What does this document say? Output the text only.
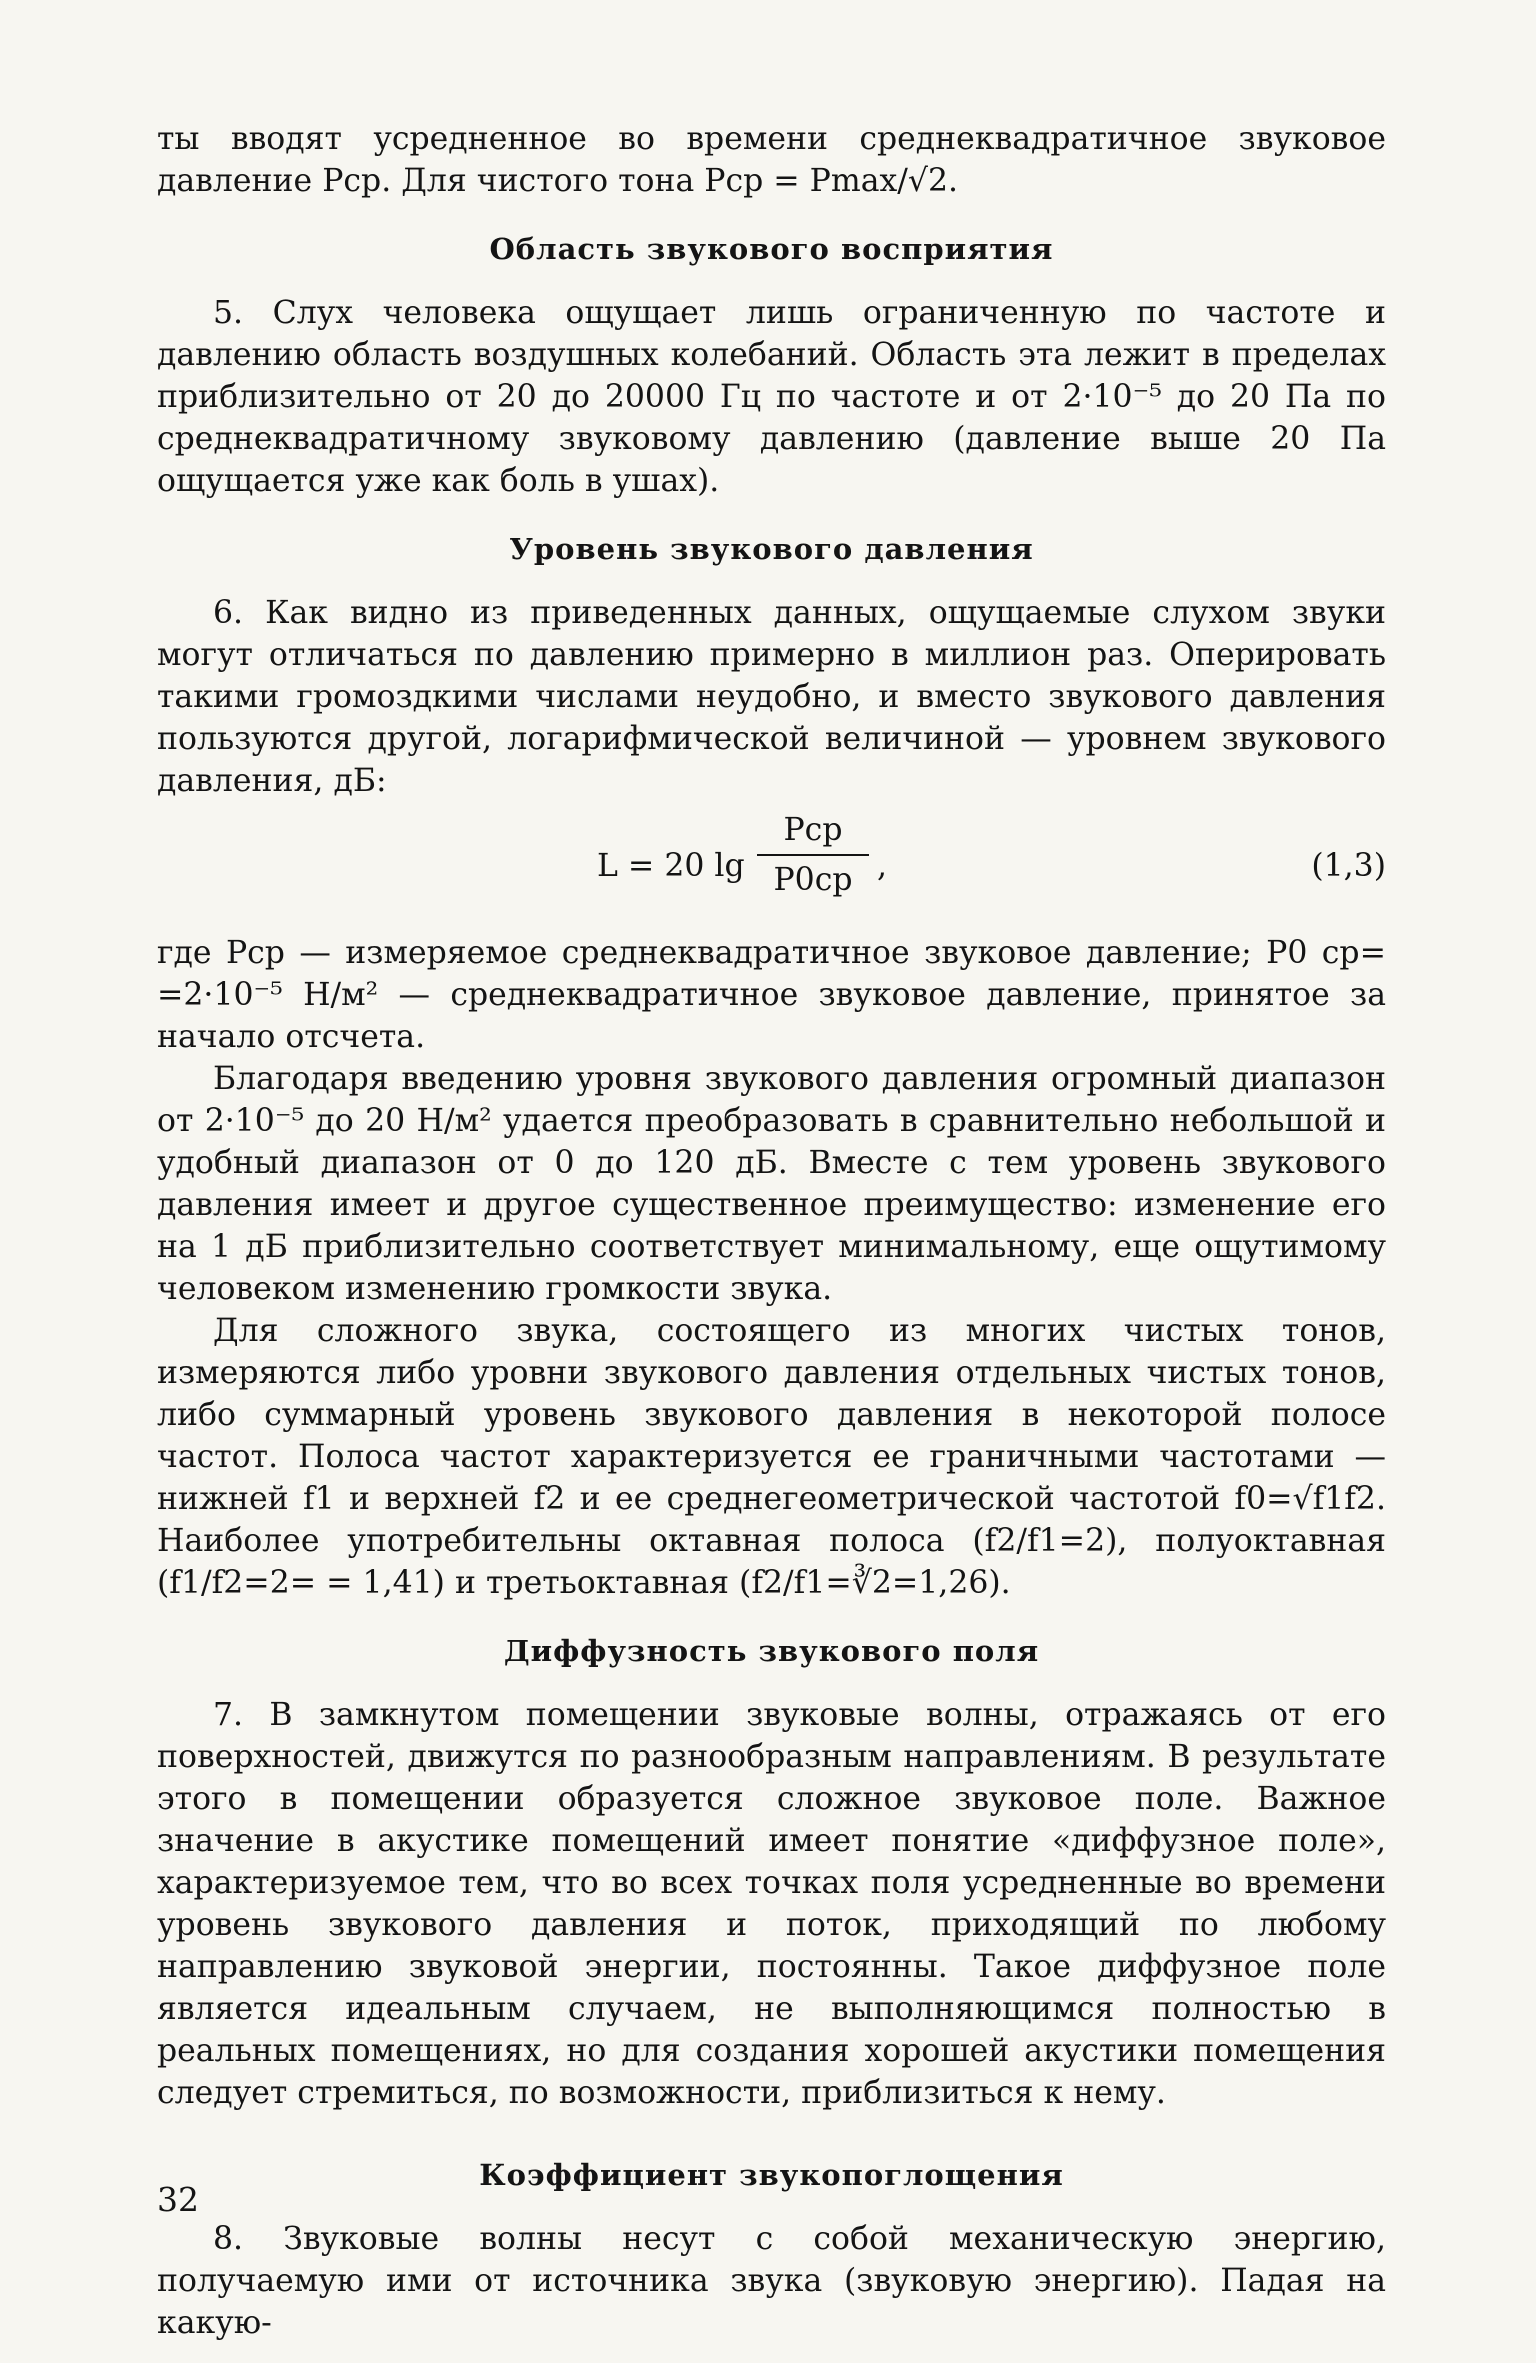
ты вводят усредненное во времени среднеквадратичное звуковое давление Pср. Для чистого тона Pср = Pmax/√2.

Область звукового восприятия

5. Слух человека ощущает лишь ограниченную по частоте и давлению область воздушных колебаний. Область эта лежит в пределах приблизительно от 20 до 20000 Гц по частоте и от 2·10⁻⁵ до 20 Па по среднеквадратичному звуковому давлению (давление выше 20 Па ощущается уже как боль в ушах).

Уровень звукового давления

6. Как видно из приведенных данных, ощущаемые слухом звуки могут отличаться по давлению примерно в миллион раз. Оперировать такими громоздкими числами неудобно, и вместо звукового давления пользуются другой, логарифмической величиной — уровнем звукового давления, дБ:

L = 20 lg
Pср
P0ср ,	(1,3)

где Pср — измеряемое среднеквадратичное звуковое давление; P0 ср= =2·10⁻⁵ Н/м² — среднеквадратичное звуковое давление, принятое за начало отсчета.

Благодаря введению уровня звукового давления огромный диапазон от 2·10⁻⁵ до 20 Н/м² удается преобразовать в сравнительно небольшой и удобный диапазон от 0 до 120 дБ. Вместе с тем уровень звукового давления имеет и другое существенное преимущество: изменение его на 1 дБ приблизительно соответствует минимальному, еще ощутимому человеком изменению громкости звука.

Для сложного звука, состоящего из многих чистых тонов, измеряются либо уровни звукового давления отдельных чистых тонов, либо суммарный уровень звукового давления в некоторой полосе частот. Полоса частот характеризуется ее граничными частотами — нижней f1 и верхней f2 и ее среднегеометрической частотой f0=√f1f2. Наиболее употребительны октавная полоса (f2/f1=2), полуоктавная (f1/f2=2= = 1,41) и третьоктавная (f2/f1=∛2=1,26).

Диффузность звукового поля

7. В замкнутом помещении звуковые волны, отражаясь от его поверхностей, движутся по разнообразным направлениям. В результате этого в помещении образуется сложное звуковое поле. Важное значение в акустике помещений имеет понятие «диффузное поле», характеризуемое тем, что во всех точках поля усредненные во времени уровень звукового давления и поток, приходящий по любому направлению звуковой энергии, постоянны. Такое диффузное поле является идеальным случаем, не выполняющимся полностью в реальных помещениях, но для создания хорошей акустики помещения следует стремиться, по возможности, приблизиться к нему.

Коэффициент звукопоглощения

8. Звуковые волны несут с собой механическую энергию, получаемую ими от источника звука (звуковую энергию). Падая на какую-

32
